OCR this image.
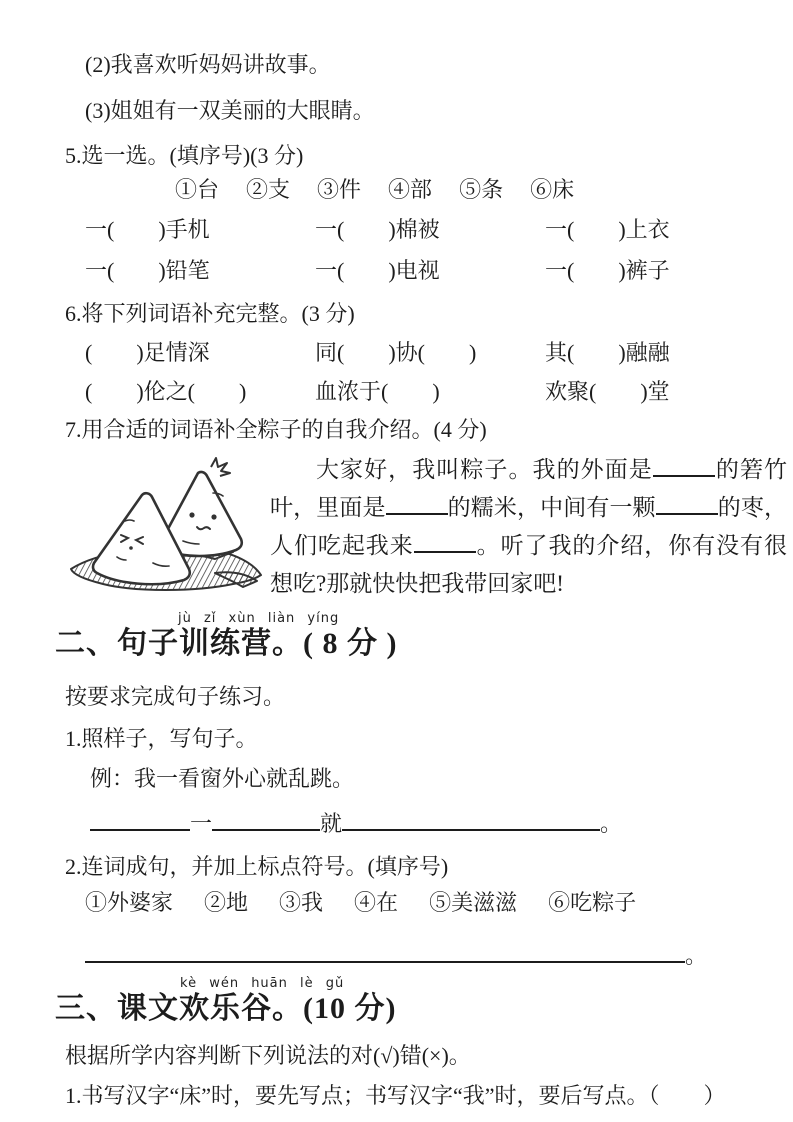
(2)我喜欢听妈妈讲故事。
(3)姐姐有一双美丽的大眼睛。
5.选一选。(填序号)(3 分)
①台 ②支 ③件 ④部 ⑤条 ⑥床
一(　　)手机	一(　　)棉被	一(　　)上衣
一(　　)铅笔	一(　　)电视	一(　　)裤子
6.将下列词语补充完整。(3 分)
(　　)足情深	同(　　)协(　　)	其(　　)融融
(　　)伦之(　　)	血浓于(　　)	欢聚(　　)堂
7.用合适的词语补全粽子的自我介绍。(4 分)

大家好，我叫粽子。我的外面是	的箬竹叶，里面是	的糯米，中间有一颗	的枣，人们吃起我来	。听了我的介绍，你有没有很想吃?那就快快把我带回家吧!

jù zǐ xùn liàn yíng
二、句子训练营。( 8 分 )
按要求完成句子练习。
1.照样子，写句子。
例：我一看窗外心就乱跳。
一	就	。
2.连词成句，并加上标点符号。(填序号)
①外婆家 ②地 ③我 ④在 ⑤美滋滋 ⑥吃粽子
。
kè wén huān lè gǔ
三、课文欢乐谷。(10 分)
根据所学内容判断下列说法的对(√)错(×)。
1.书写汉字“床”时，要先写点；书写汉字“我”时，要后写点。（　　）
